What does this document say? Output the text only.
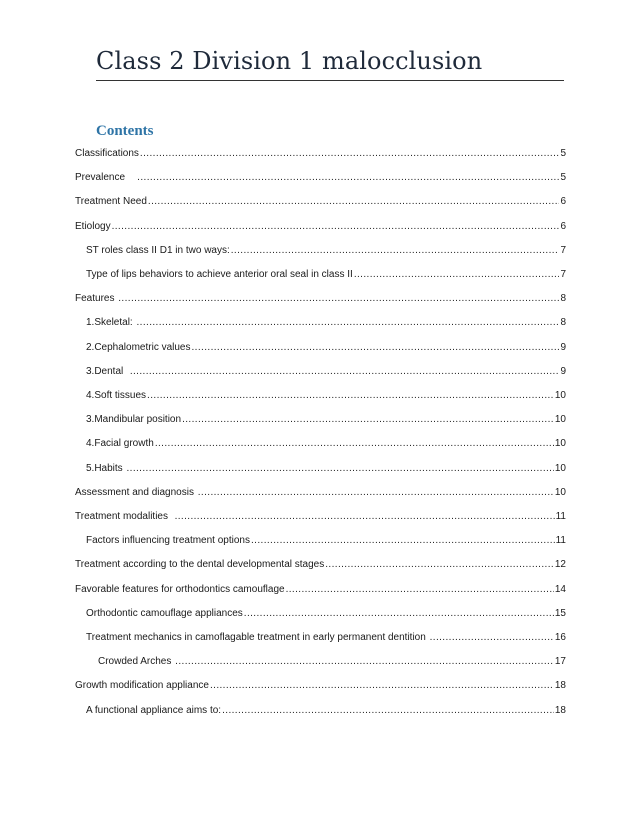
Class 2 Division 1 malocclusion
Contents
Classifications .....	5
Prevalence .....	5
Treatment Need .....	6
Etiology .....	6
ST roles class II D1 in two ways: .....	7
Type of lips behaviors to achieve anterior oral seal in class II .....	7
Features .....	8
1.Skeletal: .....	8
2.Cephalometric values .....	9
3.Dental .....	9
4.Soft tissues .....	10
3.Mandibular position .....	10
4.Facial growth .....	10
5.Habits .....	10
Assessment and diagnosis .....	10
Treatment modalities .....	11
Factors influencing treatment options .....	11
Treatment according to the dental developmental stages .....	12
Favorable features for orthodontics camouflage .....	14
Orthodontic camouflage appliances .....	15
Treatment mechanics in camoflagable treatment in early permanent dentition .....	16
Crowded Arches .....	17
Growth modification appliance .....	18
A functional appliance aims to: .....	18
